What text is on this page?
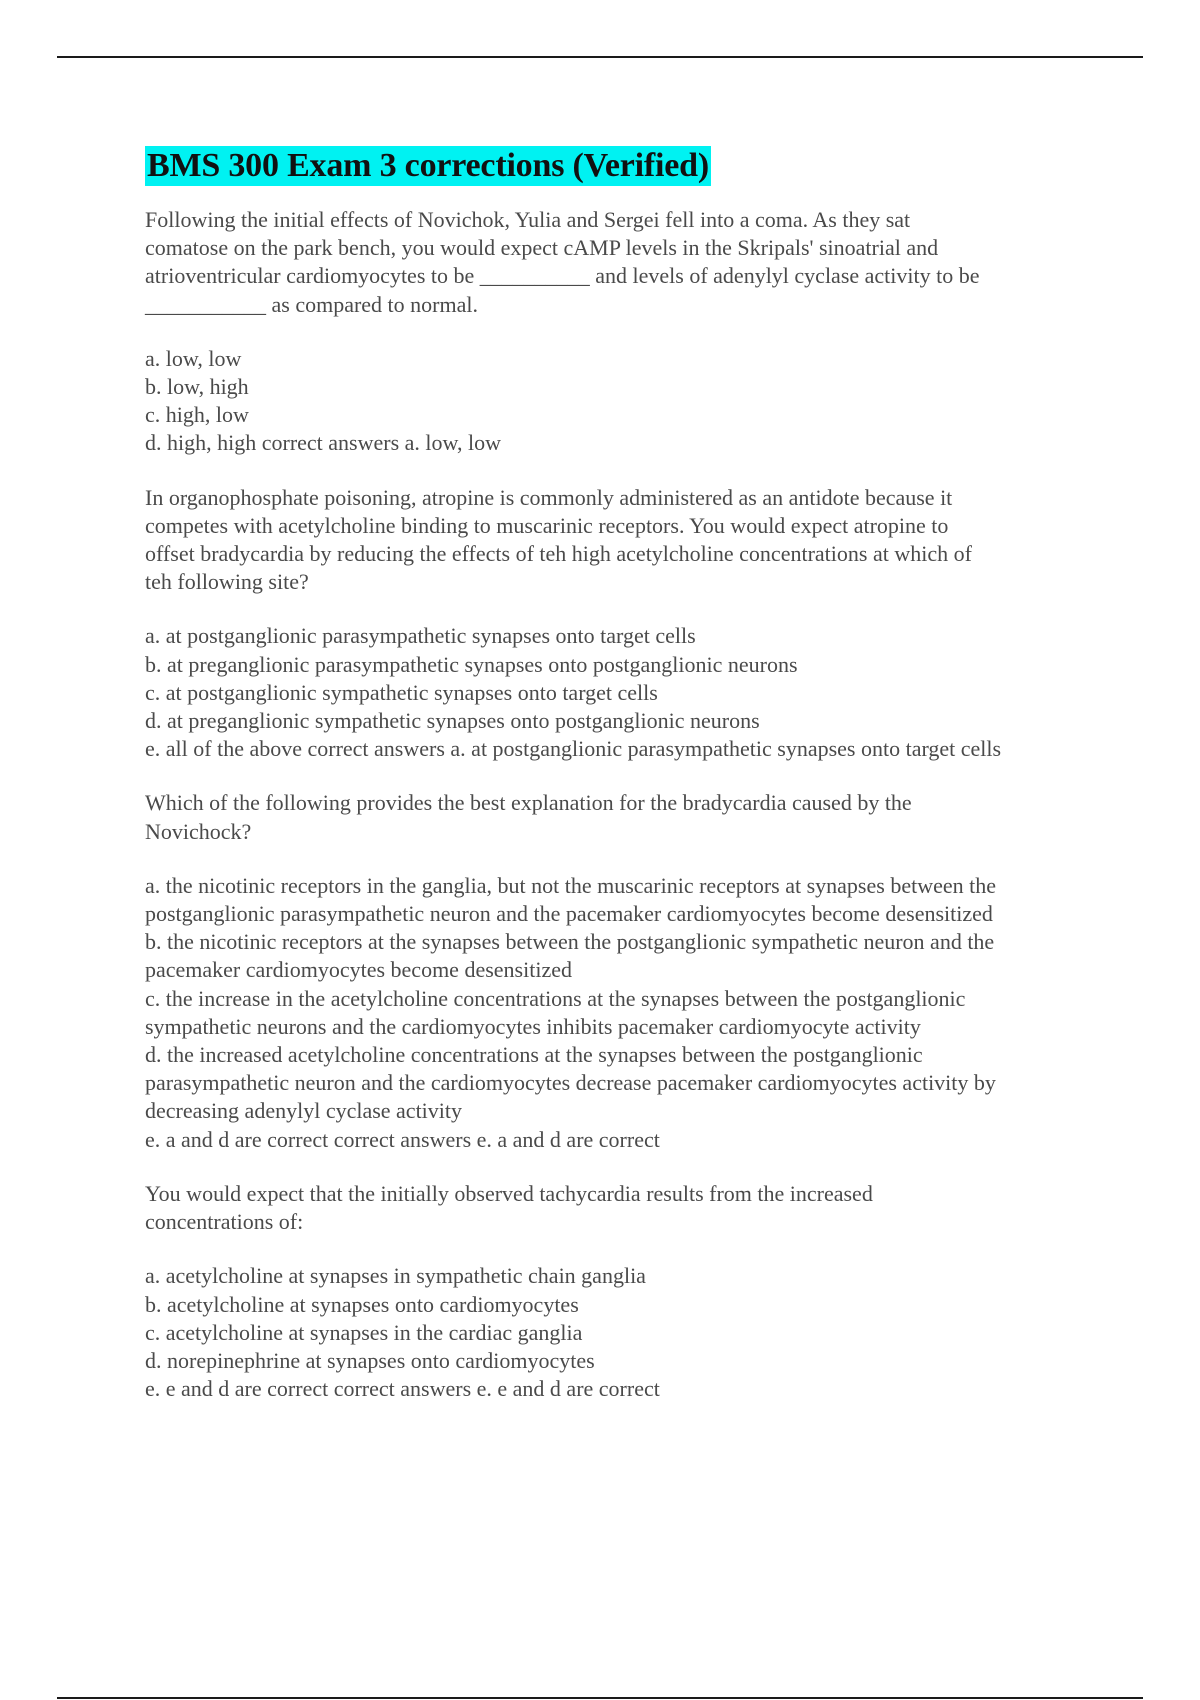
BMS 300 Exam 3 corrections (Verified)

Following the initial effects of Novichok, Yulia and Sergei fell into a coma. As they sat
comatose on the park bench, you would expect cAMP levels in the Skripals' sinoatrial and
atrioventricular cardiomyocytes to be __________ and levels of adenylyl cyclase activity to be
___________ as compared to normal.

a. low, low
b. low, high
c. high, low
d. high, high correct answers a. low, low

In organophosphate poisoning, atropine is commonly administered as an antidote because it
competes with acetylcholine binding to muscarinic receptors. You would expect atropine to
offset bradycardia by reducing the effects of teh high acetylcholine concentrations at which of
teh following site?

a. at postganglionic parasympathetic synapses onto target cells
b. at preganglionic parasympathetic synapses onto postganglionic neurons
c. at postganglionic sympathetic synapses onto target cells
d. at preganglionic sympathetic synapses onto postganglionic neurons
e. all of the above correct answers a. at postganglionic parasympathetic synapses onto target cells

Which of the following provides the best explanation for the bradycardia caused by the
Novichock?

a. the nicotinic receptors in the ganglia, but not the muscarinic receptors at synapses between the
postganglionic parasympathetic neuron and the pacemaker cardiomyocytes become desensitized
b. the nicotinic receptors at the synapses between the postganglionic sympathetic neuron and the
pacemaker cardiomyocytes become desensitized
c. the increase in the acetylcholine concentrations at the synapses between the postganglionic
sympathetic neurons and the cardiomyocytes inhibits pacemaker cardiomyocyte activity
d. the increased acetylcholine concentrations at the synapses between the postganglionic
parasympathetic neuron and the cardiomyocytes decrease pacemaker cardiomyocytes activity by
decreasing adenylyl cyclase activity
e. a and d are correct correct answers e. a and d are correct

You would expect that the initially observed tachycardia results from the increased
concentrations of:

a. acetylcholine at synapses in sympathetic chain ganglia
b. acetylcholine at synapses onto cardiomyocytes
c. acetylcholine at synapses in the cardiac ganglia
d. norepinephrine at synapses onto cardiomyocytes
e. e and d are correct correct answers e. e and d are correct
